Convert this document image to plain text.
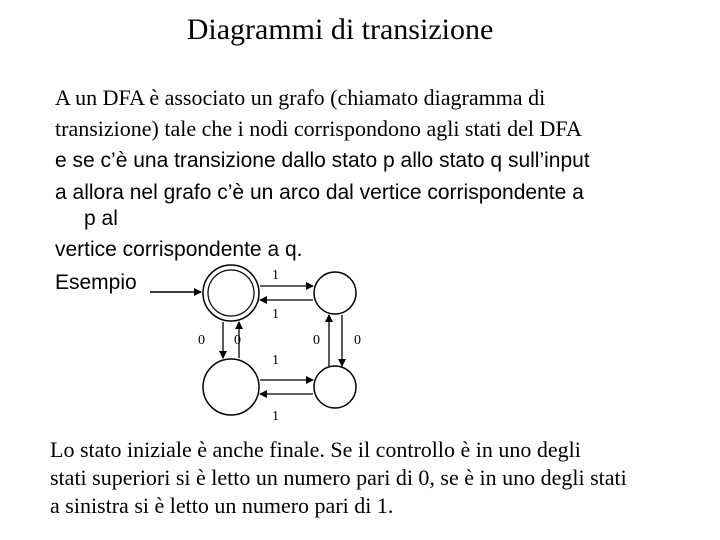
Diagrammi di transizione
A un DFA è associato un grafo (chiamato diagramma di
transizione) tale che i nodi corrispondono agli stati del DFA
e se c’è una transizione dallo stato p allo stato q sull’input
a allora nel grafo c’è un arco dal vertice corrispondente a
p al
vertice corrispondente a q.
Esempio	1
1
0 0	0 0
1
1
Lo stato iniziale è anche finale. Se il controllo è in uno degli
stati superiori si è letto un numero pari di 0, se è in uno degli stati
a sinistra si è letto un numero pari di 1.
